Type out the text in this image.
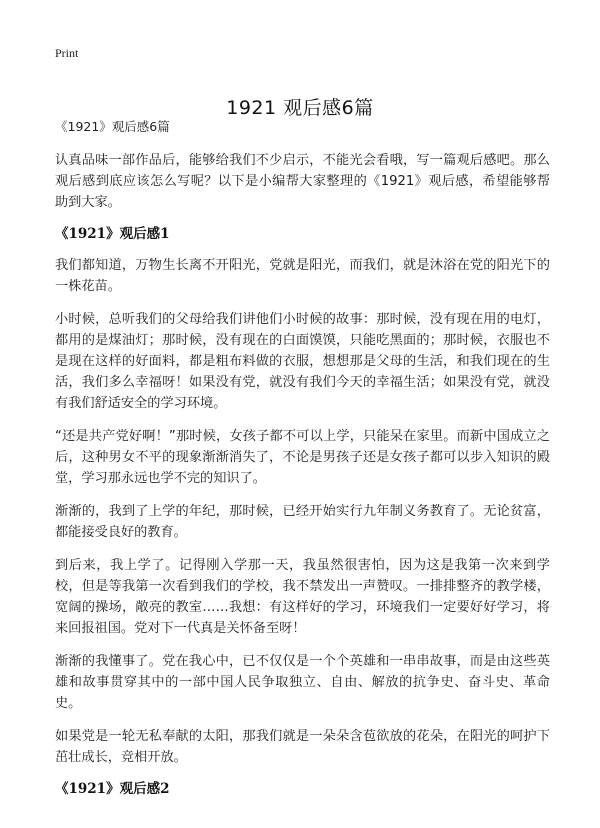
Print
1921 观后感6篇

《1921》观后感6篇

认真品味一部作品后，能够给我们不少启示，不能光会看哦，写一篇观后感吧。那么观后感到底应该怎么写呢？以下是小编帮大家整理的《1921》观后感，希望能够帮助到大家。

《1921》观后感1

我们都知道，万物生长离不开阳光，党就是阳光，而我们，就是沐浴在党的阳光下的一株花苗。

小时候，总听我们的父母给我们讲他们小时候的故事：那时候，没有现在用的电灯，都用的是煤油灯；那时候，没有现在的白面馍馍，只能吃黑面的；那时候，衣服也不是现在这样的好面料，都是粗布料做的衣服，想想那是父母的生活，和我们现在的生活，我们多么幸福呀！如果没有党，就没有我们今天的幸福生活；如果没有党，就没有我们舒适安全的学习环境。

“还是共产党好啊！”那时候，女孩子都不可以上学，只能呆在家里。而新中国成立之后，这种男女不平的现象渐渐消失了，不论是男孩子还是女孩子都可以步入知识的殿堂，学习那永远也学不完的知识了。

渐渐的，我到了上学的年纪，那时候，已经开始实行九年制义务教育了。无论贫富，都能接受良好的教育。

到后来，我上学了。记得刚入学那一天，我虽然很害怕，因为这是我第一次来到学校，但是等我第一次看到我们的学校，我不禁发出一声赞叹。一排排整齐的教学楼，宽阔的操场，敞亮的教室……我想：有这样好的学习，环境我们一定要好好学习，将来回报祖国。党对下一代真是关怀备至呀！

渐渐的我懂事了。党在我心中，已不仅仅是一个个英雄和一串串故事，而是由这些英雄和故事贯穿其中的一部中国人民争取独立、自由、解放的抗争史、奋斗史、革命史。

如果党是一轮无私奉献的太阳，那我们就是一朵朵含苞欲放的花朵，在阳光的呵护下茁壮成长，竞相开放。

《1921》观后感2
